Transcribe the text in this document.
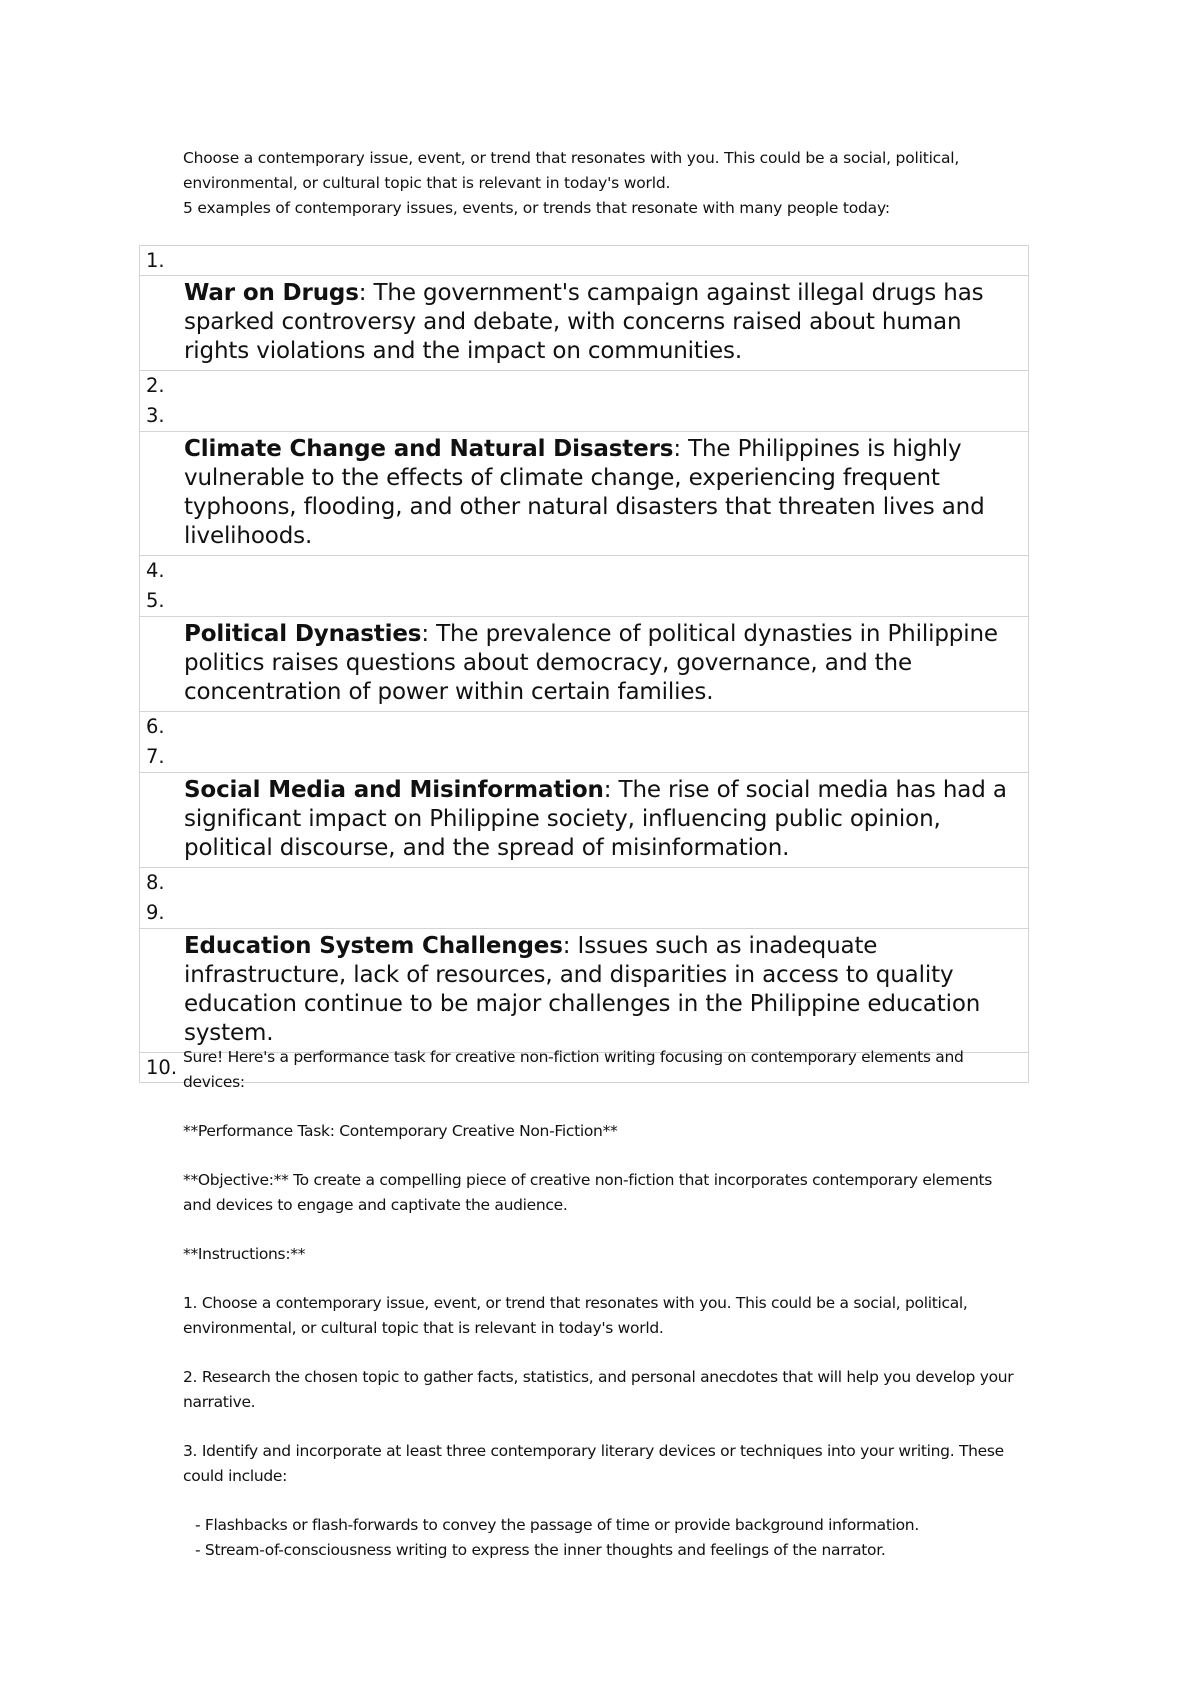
Choose a contemporary issue, event, or trend that resonates with you. This could be a social, political, environmental, or cultural topic that is relevant in today's world.

5 examples of contemporary issues, events, or trends that resonate with many people today:

1.
War on Drugs: The government's campaign against illegal drugs has sparked controversy and debate, with concerns raised about human rights violations and the impact on communities.

2.
3.

Climate Change and Natural Disasters: The Philippines is highly vulnerable to the effects of climate change, experiencing frequent typhoons, flooding, and other natural disasters that threaten lives and livelihoods.

4.
5.

Political Dynasties: The prevalence of political dynasties in Philippine politics raises questions about democracy, governance, and the concentration of power within certain families.

6.
7.

Social Media and Misinformation: The rise of social media has had a significant impact on Philippine society, influencing public opinion, political discourse, and the spread of misinformation.

8.
9.

Education System Challenges: Issues such as inadequate infrastructure, lack of resources, and disparities in access to quality education continue to be major challenges in the Philippine education system.
10. Sure! Here's a performance task for creative non-fiction writing focusing on contemporary elements and devices:

**Performance Task: Contemporary Creative Non-Fiction**

**Objective:** To create a compelling piece of creative non-fiction that incorporates contemporary elements and devices to engage and captivate the audience.

**Instructions:**

1. Choose a contemporary issue, event, or trend that resonates with you. This could be a social, political, environmental, or cultural topic that is relevant in today's world.

2. Research the chosen topic to gather facts, statistics, and personal anecdotes that will help you develop your narrative.

3. Identify and incorporate at least three contemporary literary devices or techniques into your writing. These could include:

- Flashbacks or flash-forwards to convey the passage of time or provide background information.
- Stream-of-consciousness writing to express the inner thoughts and feelings of the narrator.
